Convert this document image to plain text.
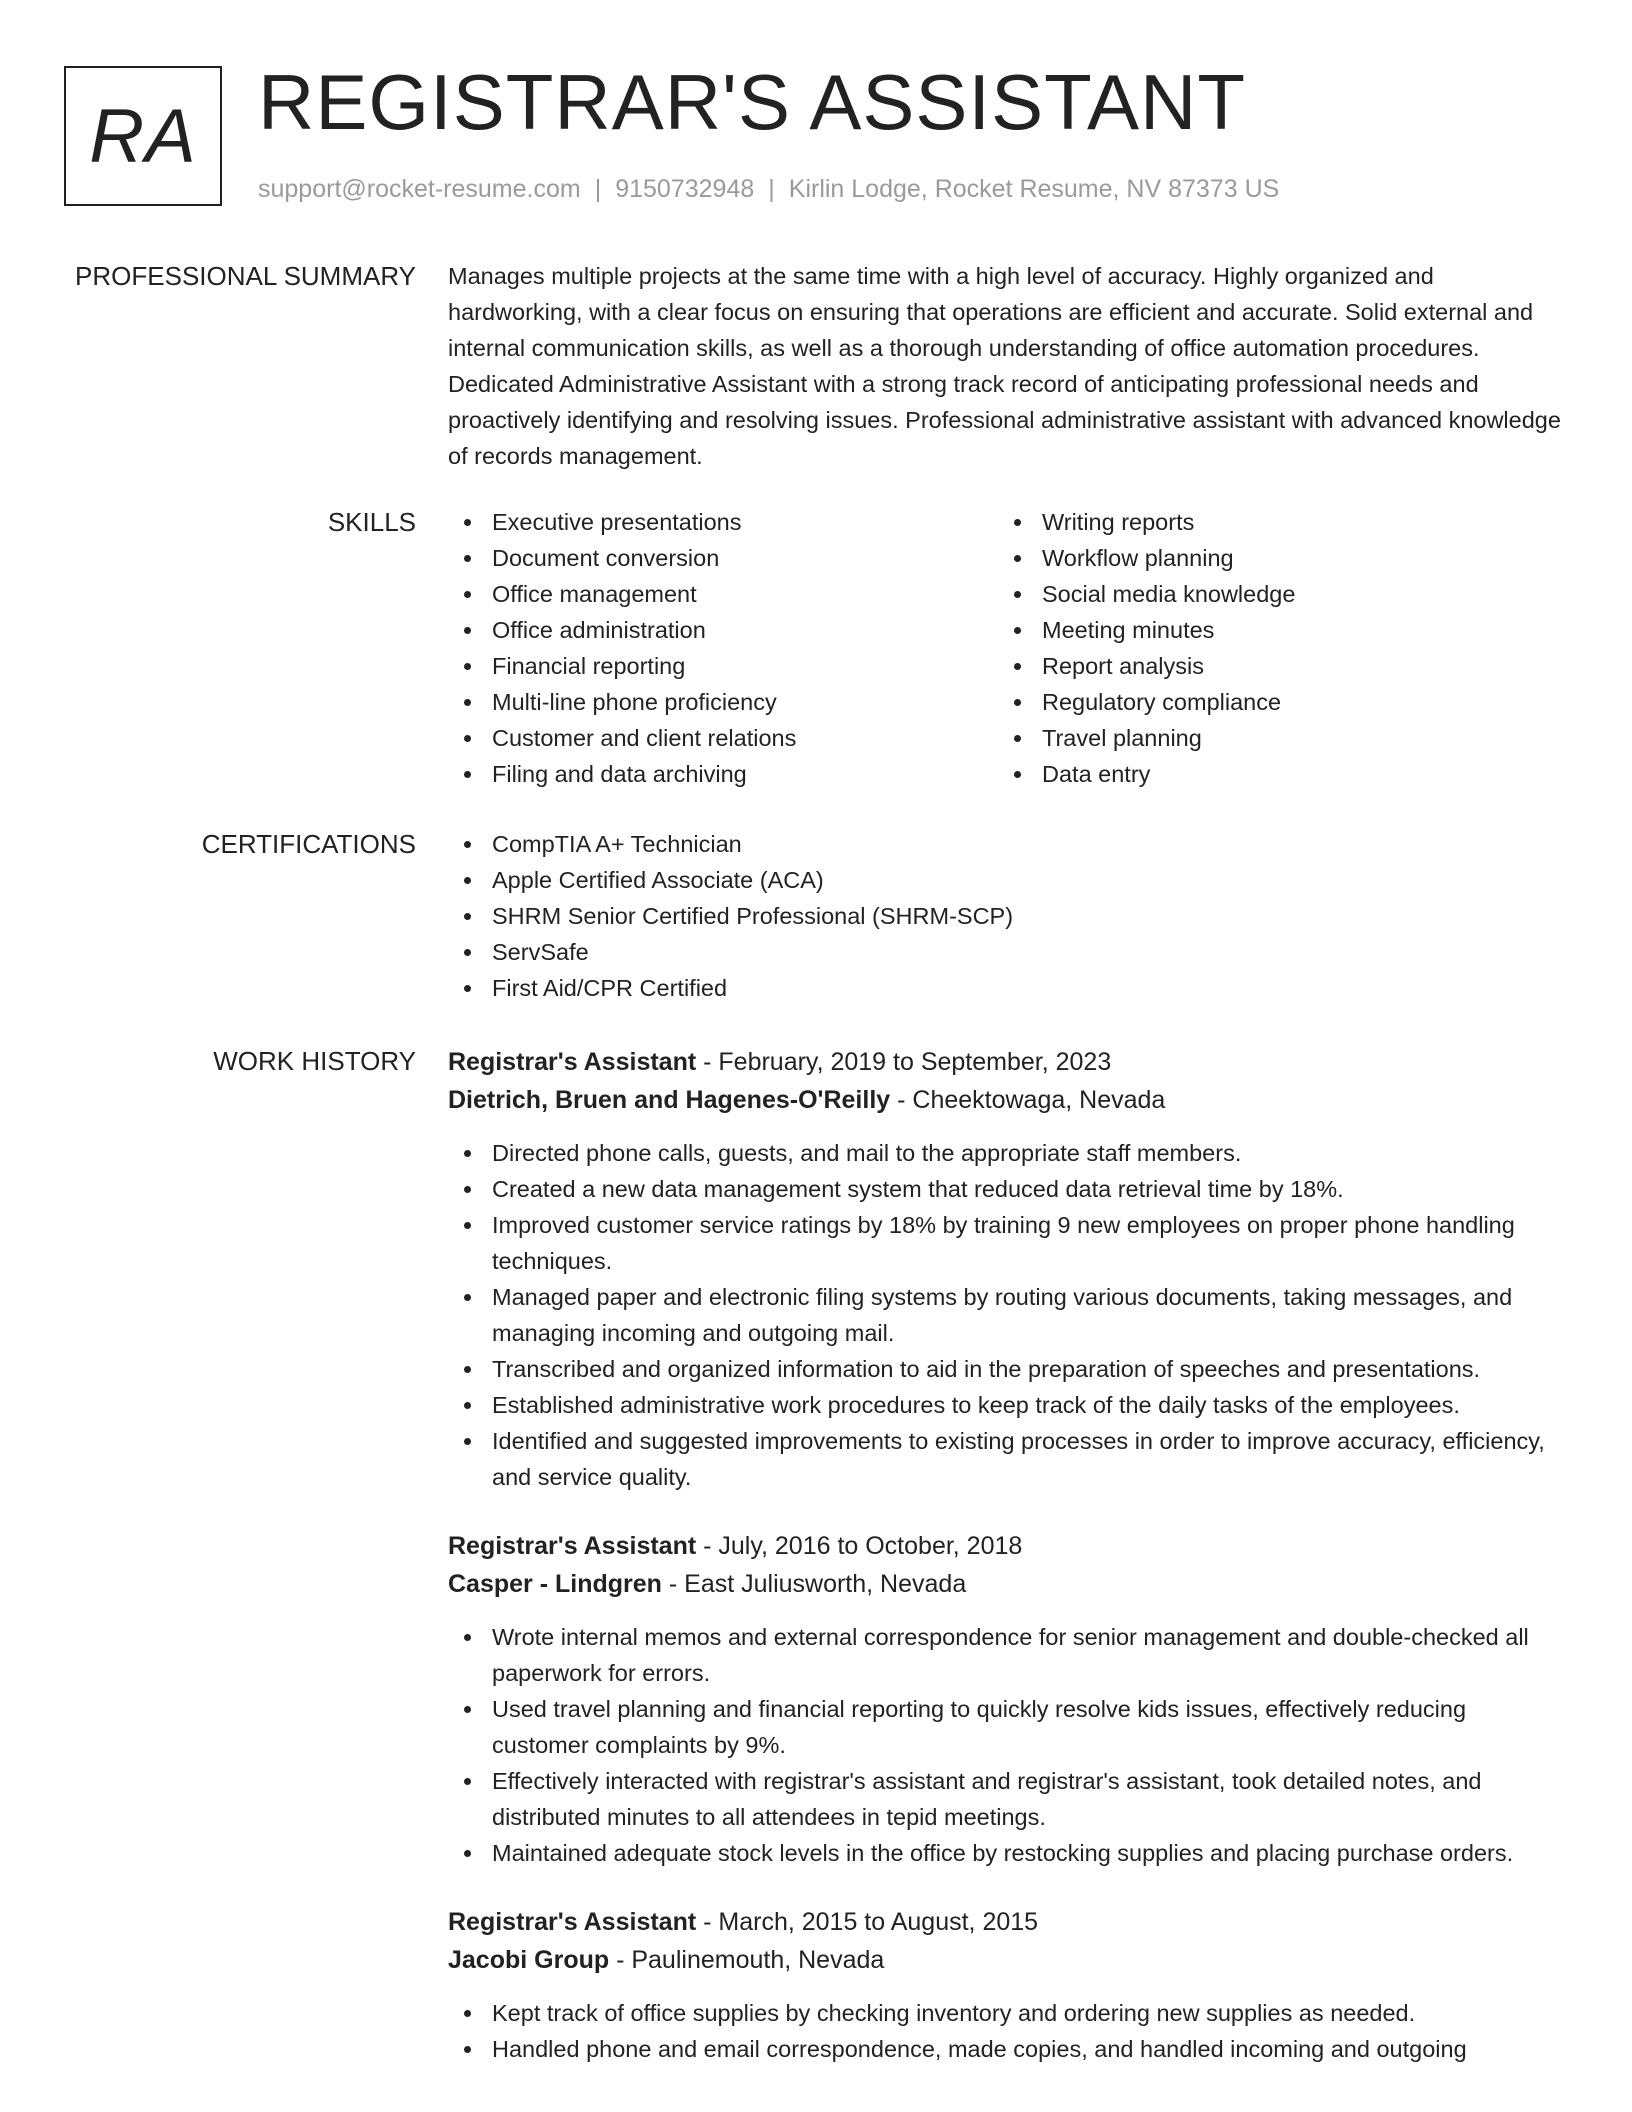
RA REGISTRAR'S ASSISTANT
support@rocket-resume.com | 9150732948 | Kirlin Lodge, Rocket Resume, NV 87373 US
PROFESSIONAL SUMMARY Manages multiple projects at the same time with a high level of accuracy. Highly organized and hardworking, with a clear focus on ensuring that operations are efficient and accurate. Solid external and internal communication skills, as well as a thorough understanding of office automation procedures. Dedicated Administrative Assistant with a strong track record of anticipating professional needs and proactively identifying and resolving issues. Professional administrative assistant with advanced knowledge of records management.

SKILLS	Executive presentations
Document conversion
Office management
Office administration
Financial reporting
Multi-line phone proficiency
Customer and client relations
Filing and data archiving
Writing reports
Workflow planning
Social media knowledge
Meeting minutes
Report analysis
Regulatory compliance
Travel planning
Data entry
CERTIFICATIONS	CompTIA A+ Technician
Apple Certified Associate (ACA)
SHRM Senior Certified Professional (SHRM-SCP)
ServSafe
First Aid/CPR Certified
WORK HISTORY Registrar's Assistant - February, 2019 to September, 2023
Dietrich, Bruen and Hagenes-O'Reilly - Cheektowaga, Nevada
Directed phone calls, guests, and mail to the appropriate staff members.
Created a new data management system that reduced data retrieval time by 18%.
Improved customer service ratings by 18% by training 9 new employees on proper phone handling techniques.
Managed paper and electronic filing systems by routing various documents, taking messages, and managing incoming and outgoing mail.
Transcribed and organized information to aid in the preparation of speeches and presentations.
Established administrative work procedures to keep track of the daily tasks of the employees.
Identified and suggested improvements to existing processes in order to improve accuracy, efficiency, and service quality.
Registrar's Assistant - July, 2016 to October, 2018
Casper - Lindgren - East Juliusworth, Nevada
Wrote internal memos and external correspondence for senior management and double-checked all paperwork for errors.
Used travel planning and financial reporting to quickly resolve kids issues, effectively reducing customer complaints by 9%.
Effectively interacted with registrar's assistant and registrar's assistant, took detailed notes, and distributed minutes to all attendees in tepid meetings.
Maintained adequate stock levels in the office by restocking supplies and placing purchase orders.
Registrar's Assistant - March, 2015 to August, 2015
Jacobi Group - Paulinemouth, Nevada
Kept track of office supplies by checking inventory and ordering new supplies as needed.
Handled phone and email correspondence, made copies, and handled incoming and outgoing
